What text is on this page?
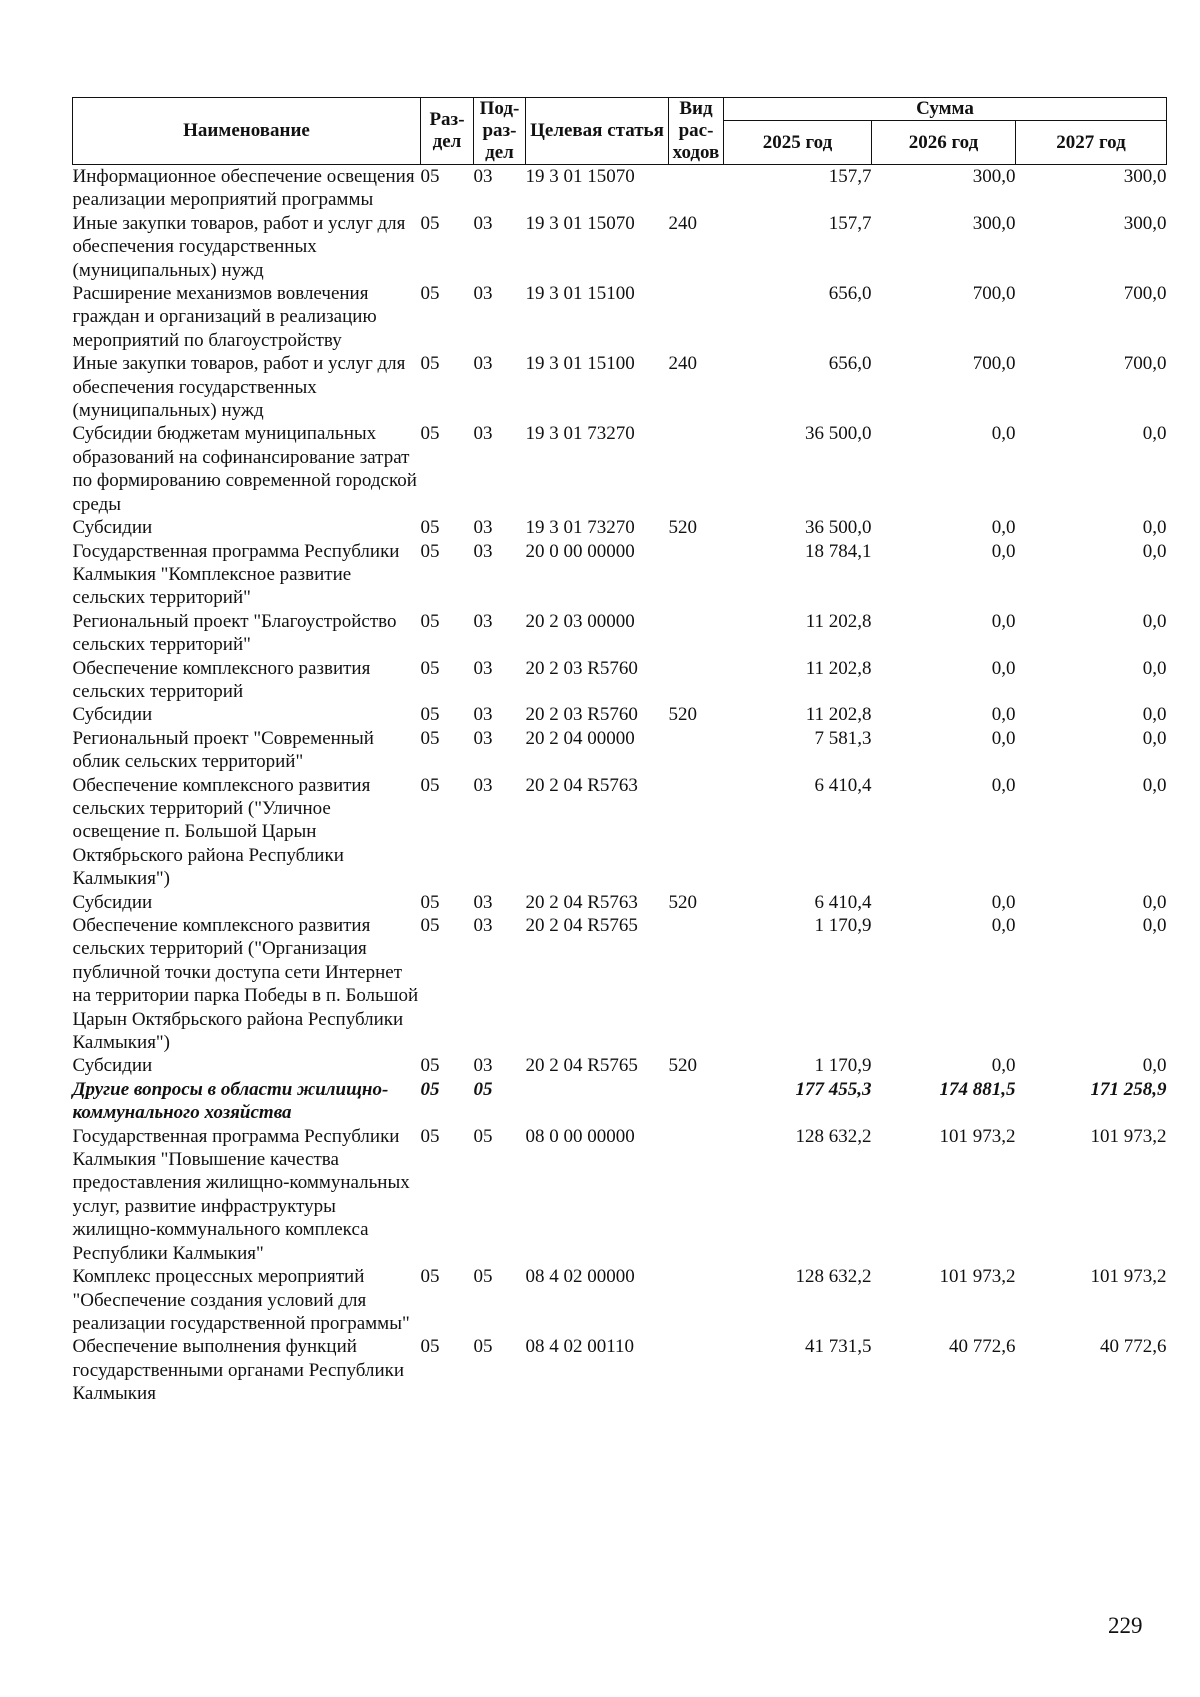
Наименование	Раз-дел	Под-раз-дел	Целевая статья	Вид рас-ходов	Сумма		
					2025 год	2026 год	2027 год
Информационное обеспечение освещения реализации мероприятий программы	05	03	19 3 01 15070		157,7	300,0	300,0
Иные закупки товаров, работ и услуг для обеспечения государственных (муниципальных) нужд	05	03	19 3 01 15070	240	157,7	300,0	300,0
Расширение механизмов вовлечения граждан и организаций в реализацию мероприятий по благоустройству	05	03	19 3 01 15100		656,0	700,0	700,0
Иные закупки товаров, работ и услуг для обеспечения государственных (муниципальных) нужд	05	03	19 3 01 15100	240	656,0	700,0	700,0
Субсидии бюджетам муниципальных образований на софинансирование затрат по формированию современной городской среды	05	03	19 3 01 73270		36 500,0	0,0	0,0
Субсидии	05	03	19 3 01 73270	520	36 500,0	0,0	0,0
Государственная программа Республики Калмыкия "Комплексное развитие сельских территорий"	05	03	20 0 00 00000		18 784,1	0,0	0,0
Региональный проект "Благоустройство сельских территорий"	05	03	20 2 03 00000		11 202,8	0,0	0,0
Обеспечение комплексного развития сельских территорий	05	03	20 2 03 R5760		11 202,8	0,0	0,0
Субсидии	05	03	20 2 03 R5760	520	11 202,8	0,0	0,0
Региональный проект "Современный облик сельских территорий"	05	03	20 2 04 00000		7 581,3	0,0	0,0
Обеспечение комплексного развития сельских территорий ("Уличное освещение п. Большой Царын Октябрьского района Республики Калмыкия")	05	03	20 2 04 R5763		6 410,4	0,0	0,0
Субсидии	05	03	20 2 04 R5763	520	6 410,4	0,0	0,0
Обеспечение комплексного развития сельских территорий ("Организация публичной точки доступа сети Интернет на территории парка Победы в п. Большой Царын Октябрьского района Республики Калмыкия")	05	03	20 2 04 R5765		1 170,9	0,0	0,0
Субсидии	05	03	20 2 04 R5765	520	1 170,9	0,0	0,0
Другие вопросы в области жилищно-коммунального хозяйства	05	05			177 455,3	174 881,5	171 258,9
Государственная программа Республики Калмыкия "Повышение качества предоставления жилищно-коммунальных услуг, развитие инфраструктуры жилищно-коммунального комплекса Республики Калмыкия"	05	05	08 0 00 00000		128 632,2	101 973,2	101 973,2
Комплекс процессных мероприятий "Обеспечение создания условий для реализации государственной программы"	05	05	08 4 02 00000		128 632,2	101 973,2	101 973,2
Обеспечение выполнения функций государственными органами Республики Калмыкия	05	05	08 4 02 00110		41 731,5	40 772,6	40 772,6
229
